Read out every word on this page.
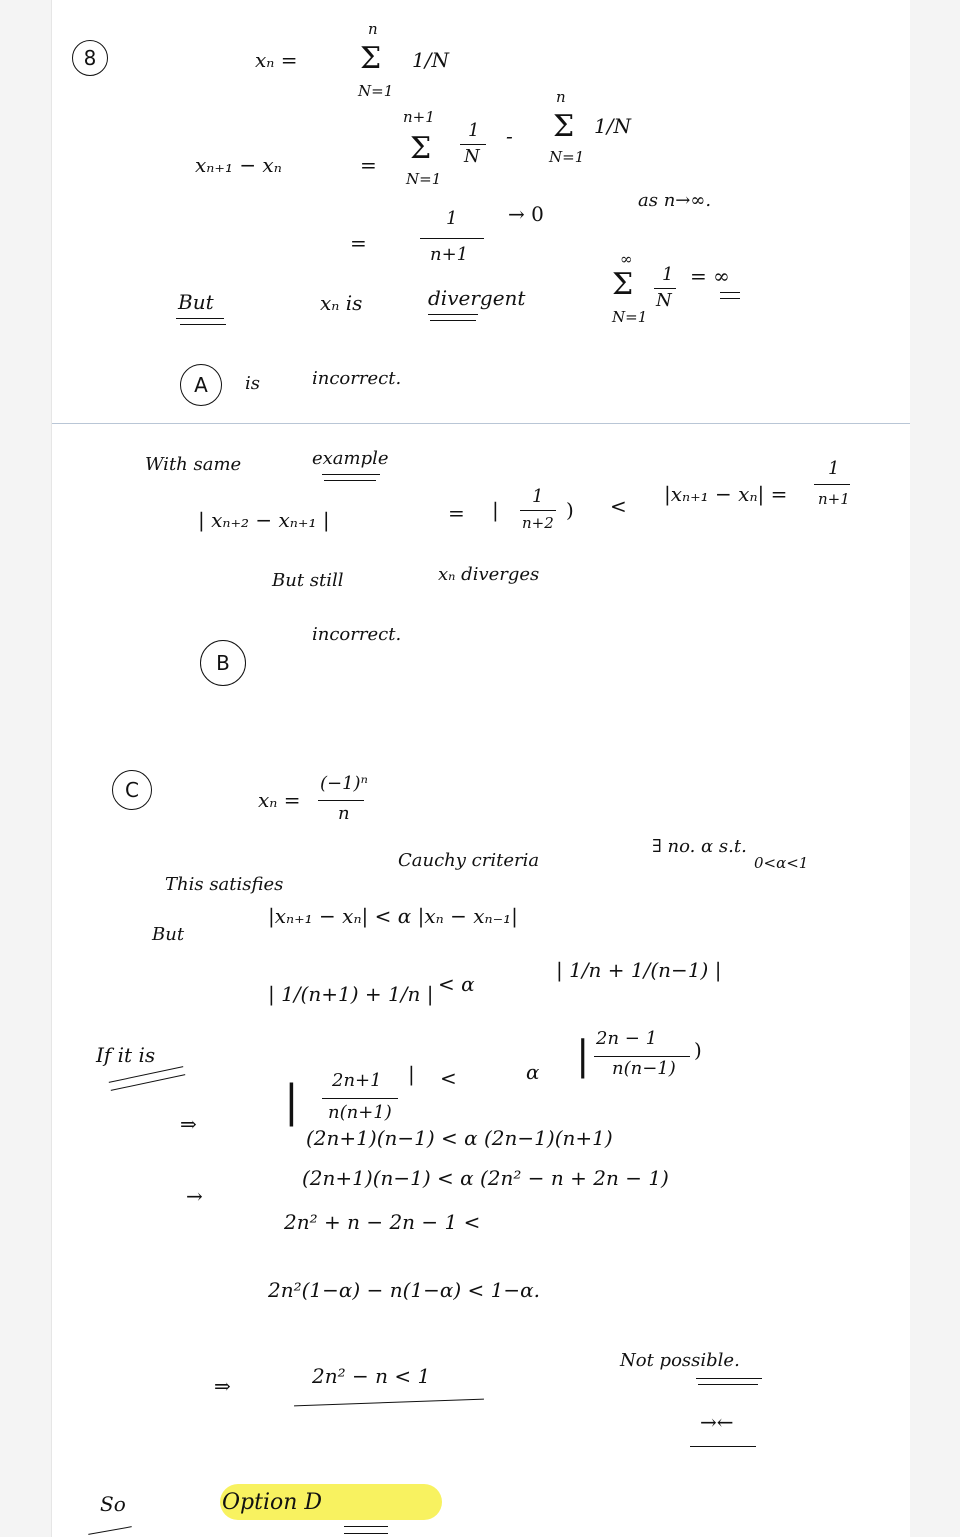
8	xₙ =
n
Σ
N=1
1/N
xₙ₊₁ − xₙ	=
n+1
Σ
N=1
1
N
-
n
Σ
N=1
1/N
=
1
n+1
→ 0
as n→∞.
But	xₙ is	divergent
∞
Σ
N=1
1
N
= ∞
A is	incorrect.
With same	example
| xₙ₊₂ − xₙ₊₁ |	= |
1
n+2
) < |xₙ₊₁ − xₙ| =
1
n+1
But still	xₙ diverges
B
incorrect.
C	xₙ =
(−1)ⁿ
n
This satisfies
Cauchy criteria
∃ no. α s.t.
0<α<1
But
|xₙ₊₁ − xₙ| < α |xₙ − xₙ₋₁|
| 1/(n+1) + 1/n | < α
| 1/n + 1/(n−1) |
If it is
| 2n+1
n(n+1)
| <	α | 2n − 1
n(n−1)
)
⇒
(2n+1)(n−1) < α (2n−1)(n+1)
→
(2n+1)(n−1) < α (2n² − n + 2n − 1)
2n² + n − 2n − 1 <
2n²(1−α) − n(1−α) < 1−α.
⇒	2n² − n < 1
Not possible.
→←
So	Option D
